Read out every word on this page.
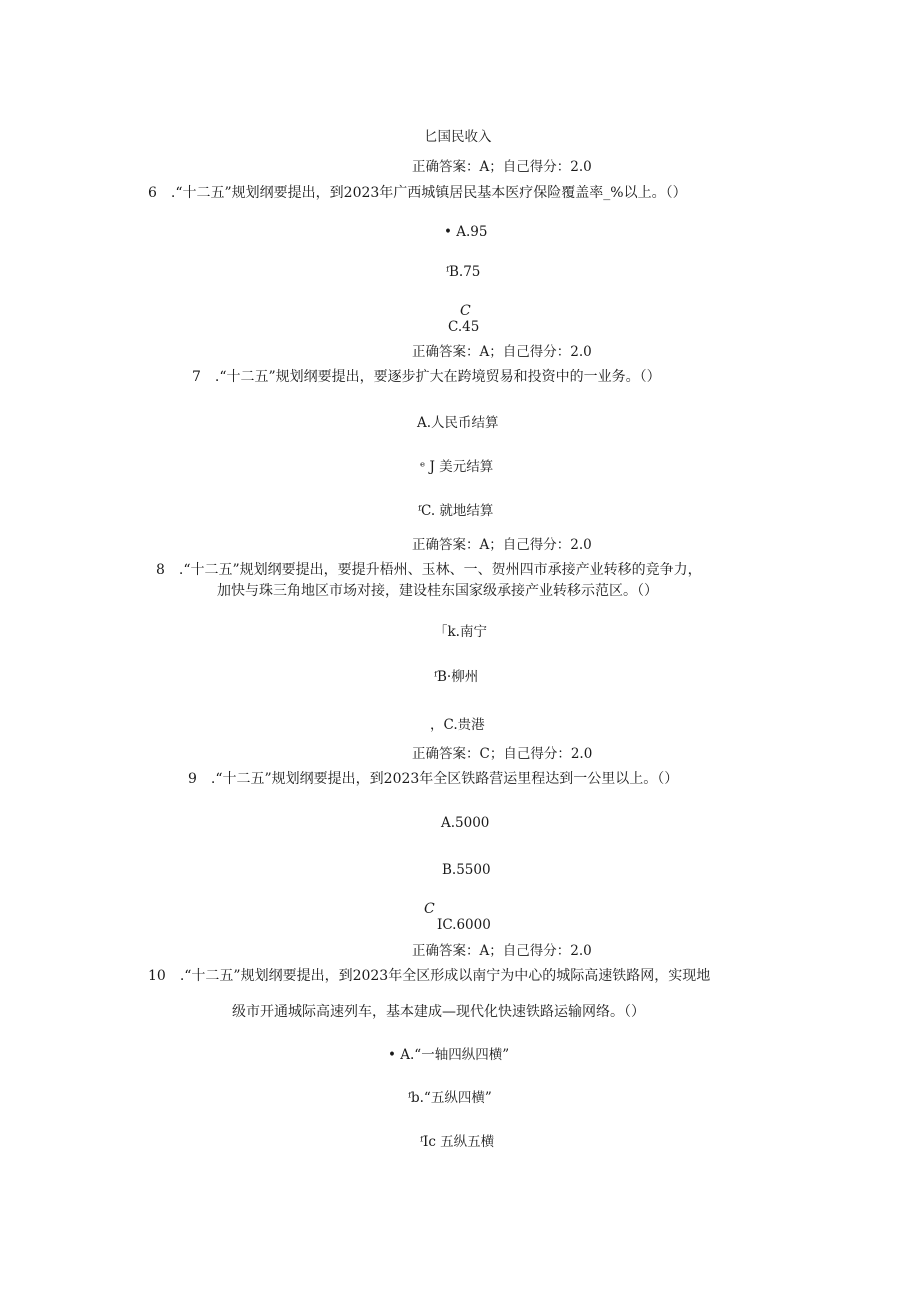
匕国民收入
正确答案：A；自己得分：2.0
6　.“十二五”规划纲要提出，到2023年广西城镇居民基本医疗保险覆盖率_%以上。（）
• A.95
ᶠB.75
C
C.45
正确答案：A；自己得分：2.0
7　.“十二五”规划纲要提出，要逐步扩大在跨境贸易和投资中的一业务。（）
A.人民币结算
ᵉ J 美元结算
ᶠC. 就地结算
正确答案：A；自己得分：2.0
8　.“十二五”规划纲要提出，要提升梧州、玉林、一、贺州四市承接产业转移的竞争力，
加快与珠三角地区市场对接，建设桂东国家级承接产业转移示范区。（）
「k.南宁
ᶠB·柳州
，C.贵港
正确答案：C；自己得分：2.0
9　.“十二五”规划纲要提出，到2023年全区铁路营运里程达到一公里以上。（）
A.5000
B.5500
C
IC.6000
正确答案：A；自己得分：2.0
10　.“十二五”规划纲要提出，到2023年全区形成以南宁为中心的城际高速铁路网，实现地
级市开通城际高速列车，基本建成—现代化快速铁路运输网络。（）
• A.“一轴四纵四横”
ᶠb.“五纵四横”
ᶠIc 五纵五横
